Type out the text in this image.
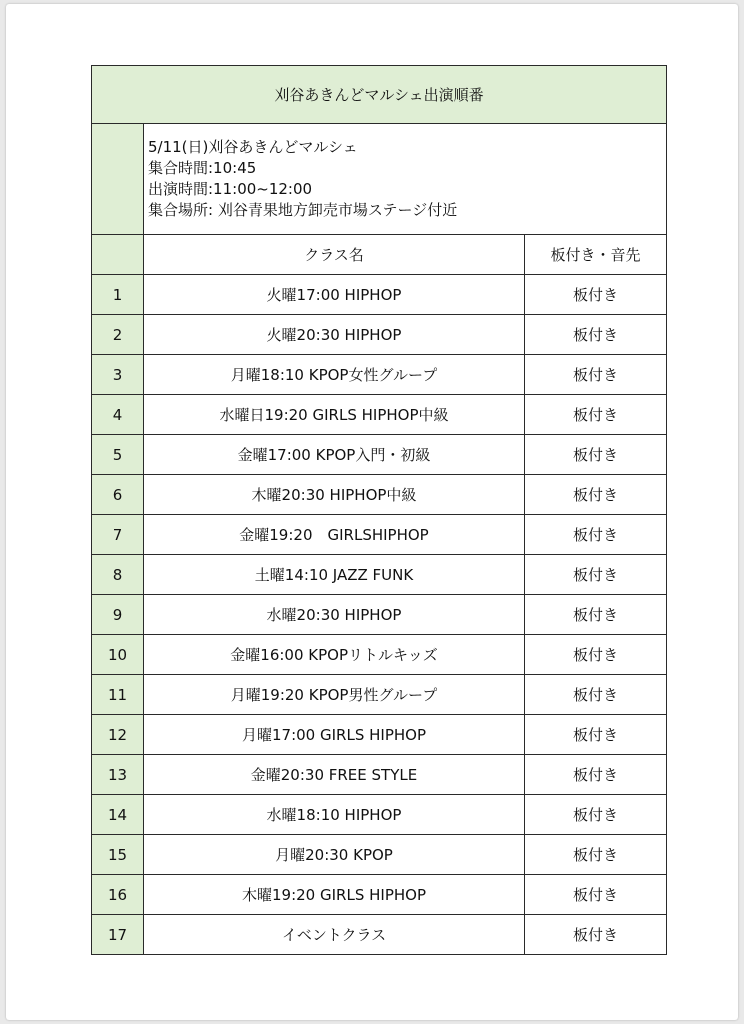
刈谷あきんどマルシェ出演順番		

	5/11(日)刈谷あきんどマルシェ
集合時間:10:45
出演時間:11:00~12:00
集合場所: 刈谷青果地方卸売市場ステージ付近	

	クラス名	板付き・音先
1	火曜17:00 HIPHOP	板付き
2	火曜20:30 HIPHOP	板付き
3	月曜18:10 KPOP女性グループ	板付き
4	水曜日19:20 GIRLS HIPHOP中級	板付き
5	金曜17:00 KPOP入門・初級	板付き
6	木曜20:30 HIPHOP中級	板付き
7	金曜19:20　GIRLSHIPHOP	板付き
8	土曜14:10 JAZZ FUNK	板付き
9	水曜20:30 HIPHOP	板付き
10	金曜16:00 KPOPリトルキッズ	板付き
11	月曜19:20 KPOP男性グループ	板付き
12	月曜17:00 GIRLS HIPHOP	板付き
13	金曜20:30 FREE STYLE	板付き
14	水曜18:10 HIPHOP	板付き
15	月曜20:30 KPOP	板付き
16	木曜19:20 GIRLS HIPHOP	板付き
17	イベントクラス	板付き
